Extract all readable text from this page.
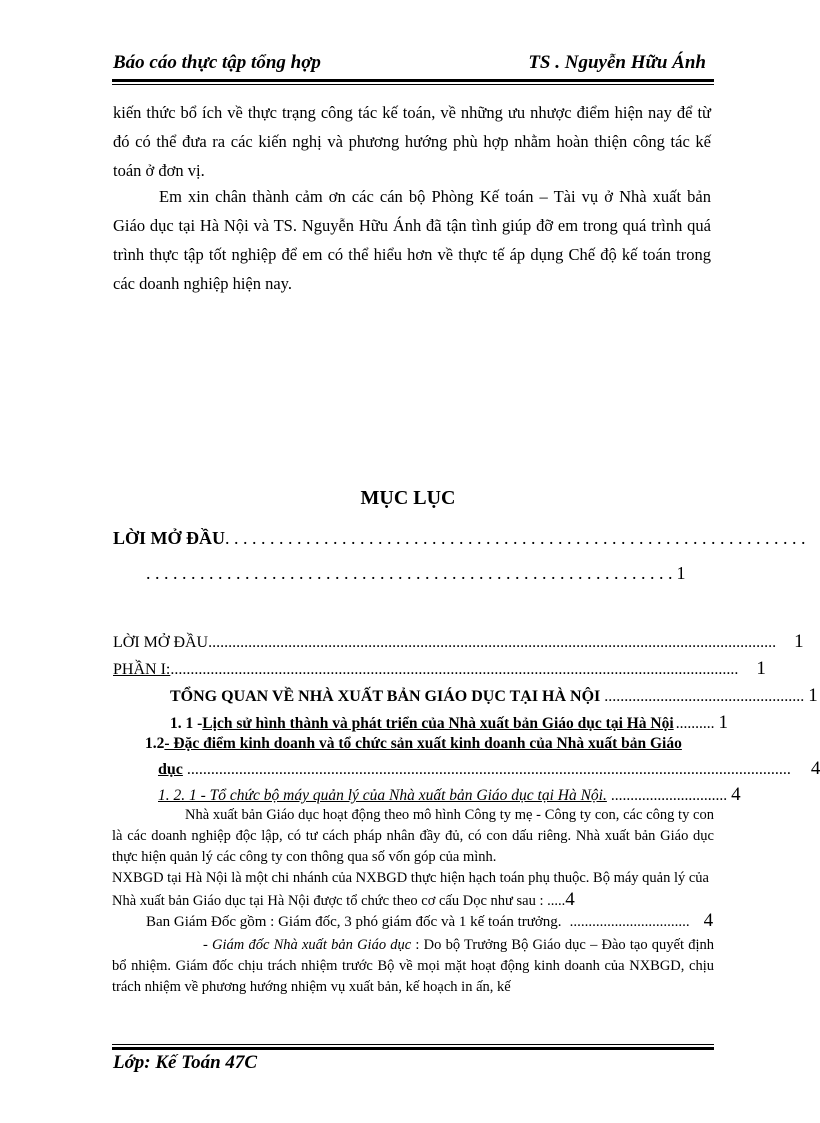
Báo cáo thực tập tổng hợp	TS . Nguyễn Hữu Ánh

kiến thức bổ ích về thực trạng công tác kế toán, về những ưu nhược điểm hiện nay để từ đó có thể đưa ra các kiến nghị và phương hướng phù hợp nhằm hoàn thiện công tác kế toán ở đơn vị.

Em xin chân thành cảm ơn các cán bộ Phòng Kế toán – Tài vụ ở Nhà xuất bản Giáo dục tại Hà Nội và TS. Nguyễn Hữu Ánh đã tận tình giúp đỡ em trong quá trình quá trình thực tập tốt nghiệp để em có thể hiểu hơn về thực tế áp dụng Chế độ kế toán trong các doanh nghiệp hiện nay.

MỤC LỤC
LỜI MỞ ĐẦU . . . . . . . . . . . . . . . . . . . . . . . . . . . . . . . . . . . . . . . . . . . . . . . . . . . . . . . . . . . . . . . . .
. . . . . . . . . . . . . . . . . . . . . . . . . . . . . . . . . . . . . . . . . . . . . . . . . . . . . . . . . . . 1
LỜI MỞ ĐẦU .............................................................................................................................................. 1
PHẦN I: .............................................................................................................................................. 1
TỔNG QUAN VỀ NHÀ XUẤT BẢN GIÁO DỤC TẠI HÀ NỘI .................................................. 1
1. 1 - Lịch sử hình thành và phát triển của Nhà xuất bản Giáo dục tại Hà Nội .......... 1
1.2 - Đặc điểm kinh doanh và tổ chức sản xuất kinh doanh của Nhà xuất bản Giáo
dục .......................................................................................................................................................	4
1. 2. 1 - Tổ chức bộ máy quản lý của Nhà xuất bản Giáo dục tại Hà Nội. .............................. 4

Nhà xuất bản Giáo dục hoạt động theo mô hình Công ty mẹ - Công ty con, các công ty con là các doanh nghiệp độc lập, có tư cách pháp nhân đầy đủ, có con dấu riêng. Nhà xuất bản Giáo dục thực hiện quản lý các công ty con thông qua số vốn góp của mình.

NXBGD tại Hà Nội là một chi nhánh của NXBGD thực hiện hạch toán phụ thuộc. Bộ máy quản lý của Nhà xuất bản Giáo dục tại Hà Nội được tổ chức theo cơ cấu Dọc như sau : .....4
Ban Giám Đốc gồm : Giám đốc, 3 phó giám đốc và 1 kế toán trưởng. ................................ 4

- Giám đốc Nhà xuất bản Giáo dục : Do bộ Trưởng Bộ Giáo dục – Đào tạo quyết định bổ nhiệm. Giám đốc chịu trách nhiệm trước Bộ về mọi mặt hoạt động kinh doanh của NXBGD, chịu trách nhiệm về phương hướng nhiệm vụ xuất bản, kế hoạch in ấn, kế

Lớp: Kế Toán 47C
